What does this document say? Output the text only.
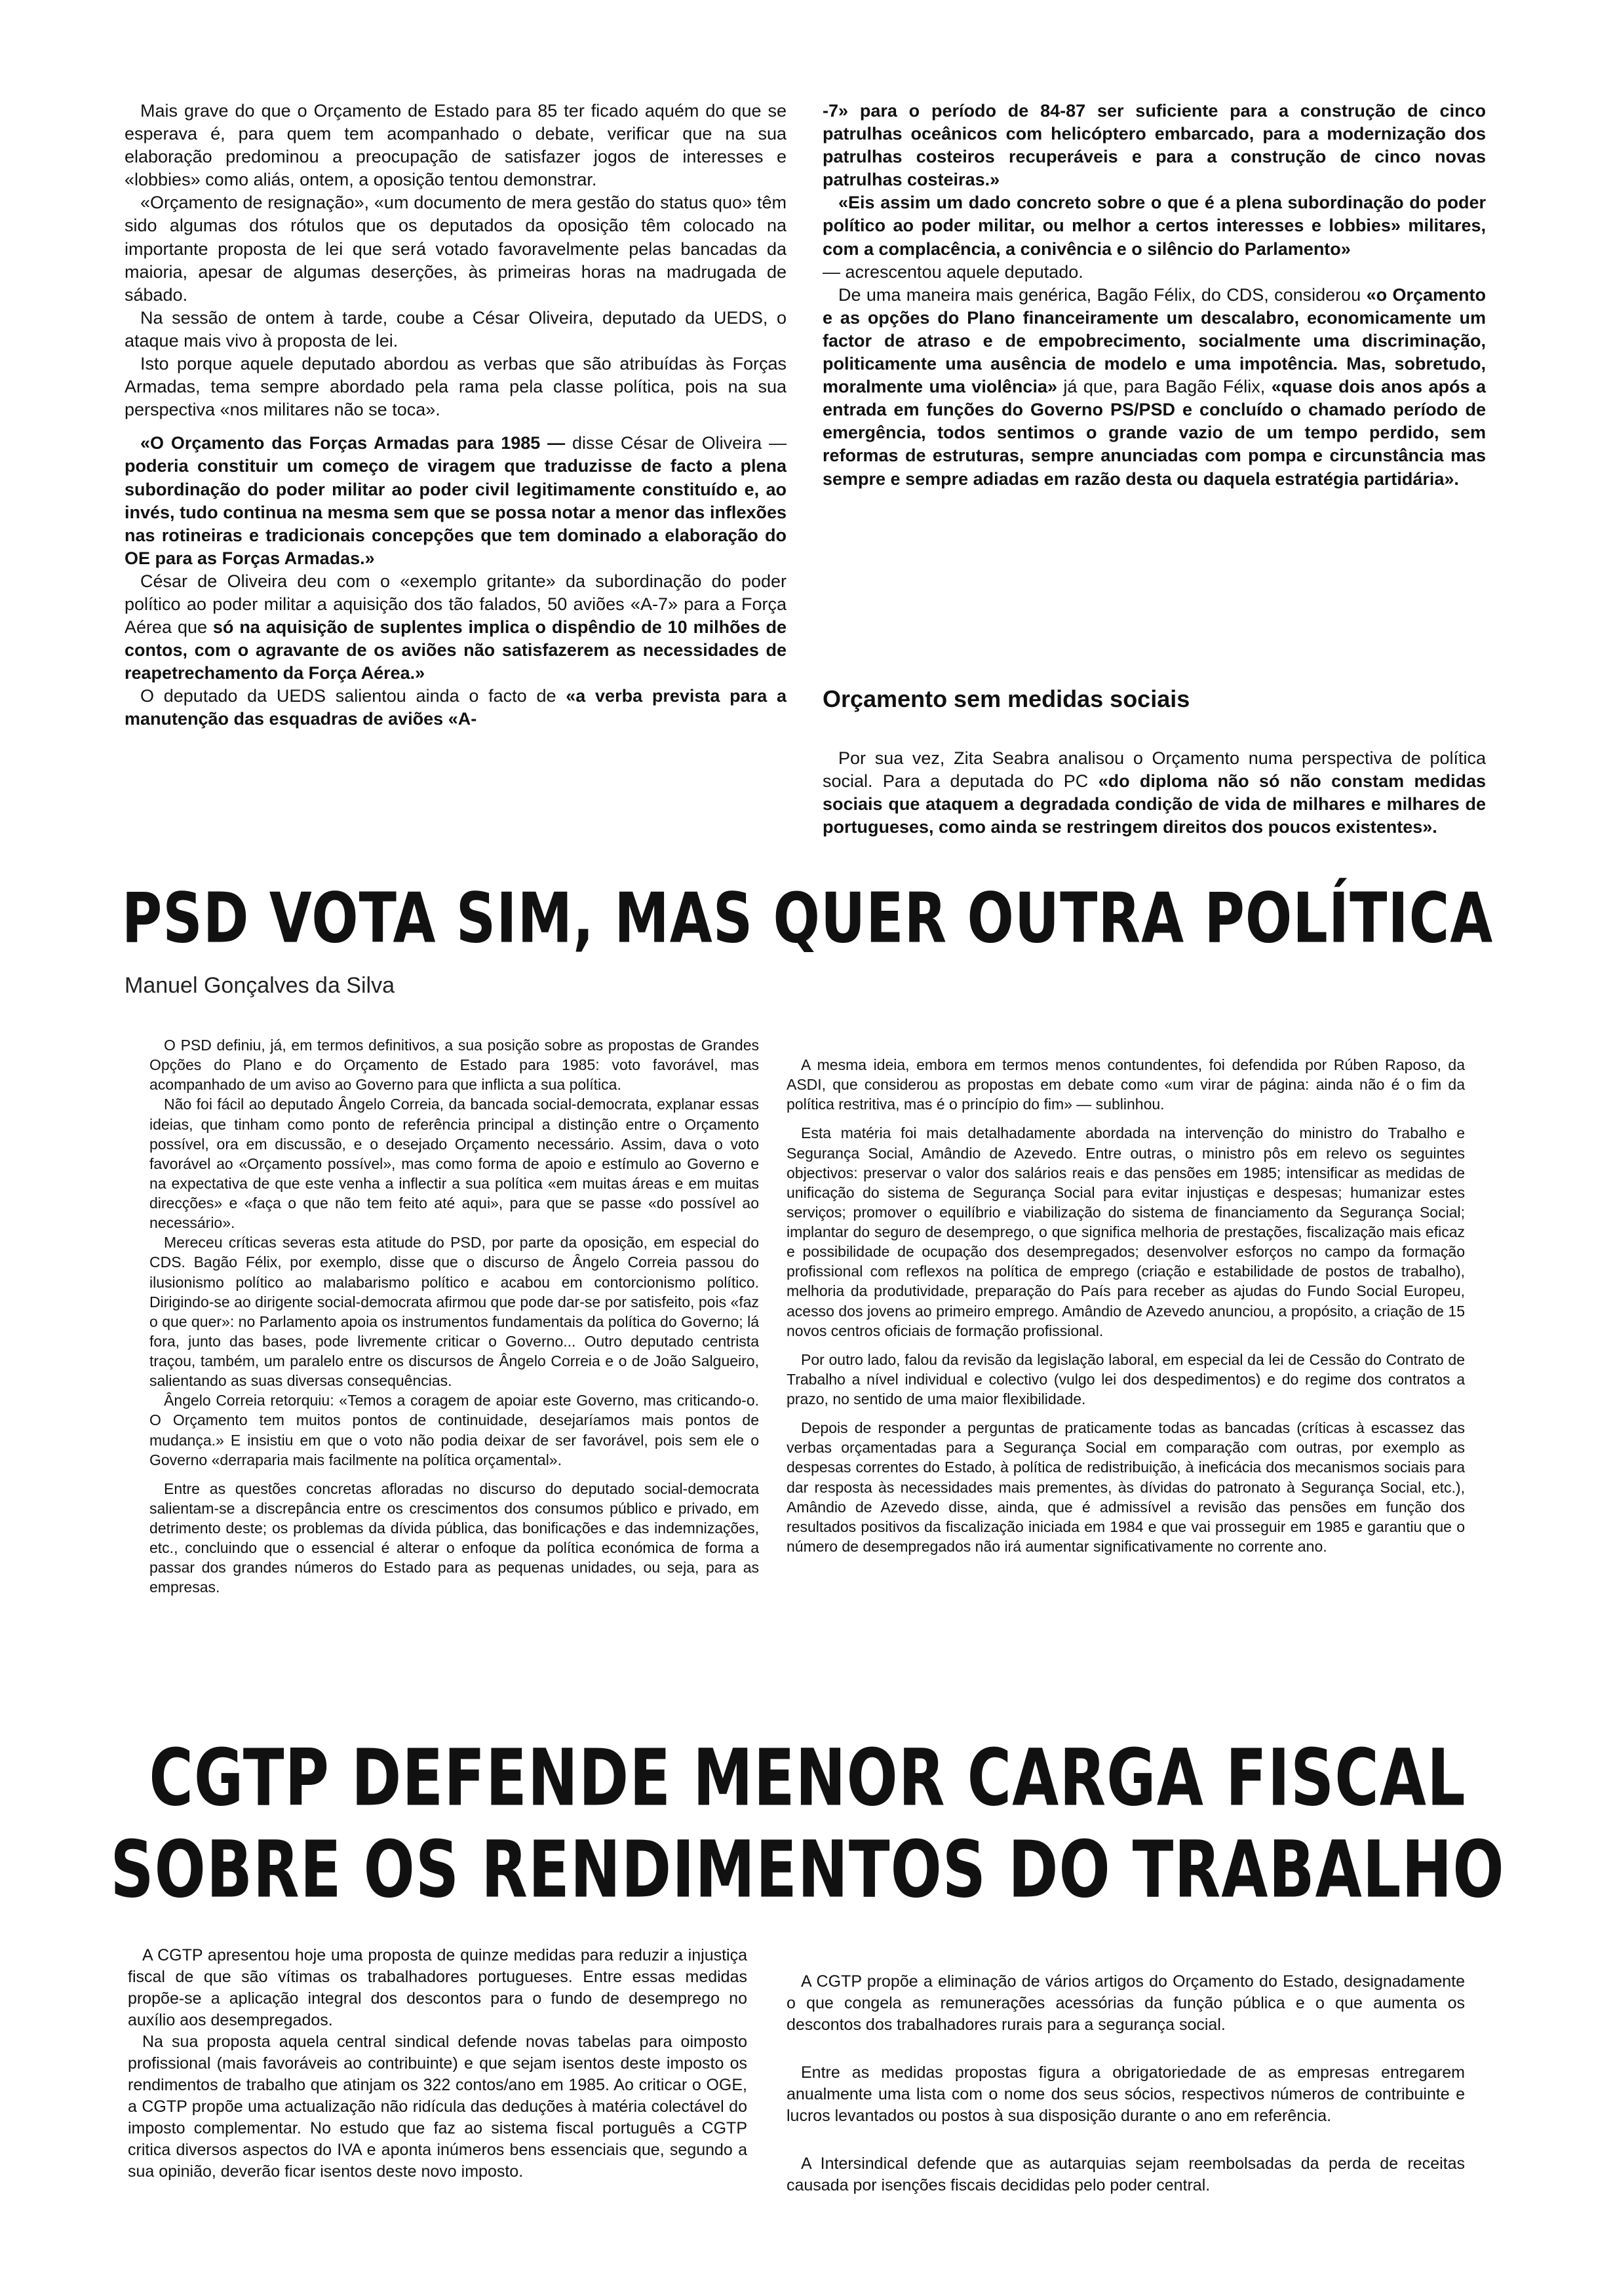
Mais grave do que o Orçamento de Estado para 85 ter ficado aquém do que se esperava é, para quem tem acompanhado o debate, verificar que na sua elaboração predominou a preocupação de satisfazer jogos de interesses e «lobbies» como aliás, ontem, a oposição tentou demonstrar.

«Orçamento de resignação», «um documento de mera gestão do status quo» têm sido algumas dos rótulos que os deputados da oposição têm colocado na importante proposta de lei que será votado favoravelmente pelas bancadas da maioria, apesar de algumas deserções, às primeiras horas na madrugada de sábado.

Na sessão de ontem à tarde, coube a César Oliveira, deputado da UEDS, o ataque mais vivo à proposta de lei.

Isto porque aquele deputado abordou as verbas que são atribuídas às Forças Armadas, tema sempre abordado pela rama pela classe política, pois na sua perspectiva «nos militares não se toca».

«O Orçamento das Forças Armadas para 1985 — disse César de Oliveira — poderia constituir um começo de viragem que traduzisse de facto a plena subordinação do poder militar ao poder civil legitimamente constituído e, ao invés, tudo continua na mesma sem que se possa notar a menor das inflexões nas rotineiras e tradicionais concepções que tem dominado a elaboração do OE para as Forças Armadas.»

César de Oliveira deu com o «exemplo gritante» da subordinação do poder político ao poder militar a aquisição dos tão falados, 50 aviões «A-7» para a Força Aérea que só na aquisição de suplentes implica o dispêndio de 10 milhões de contos, com o agravante de os aviões não satisfazerem as necessidades de reapetrechamento da Força Aérea.»

O deputado da UEDS salientou ainda o facto de «a verba prevista para a manutenção das esquadras de aviões «A-

-7» para o período de 84-87 ser suficiente para a construção de cinco patrulhas oceânicos com helicóptero embarcado, para a modernização dos patrulhas costeiros recuperáveis e para a construção de cinco novas patrulhas costeiras.»

«Eis assim um dado concreto sobre o que é a plena subordinação do poder político ao poder militar, ou melhor a certos interesses e lobbies» militares, com a complacência, a conivência e o silêncio do Parlamento»

— acrescentou aquele deputado.

De uma maneira mais genérica, Bagão Félix, do CDS, considerou «o Orçamento e as opções do Plano financeiramente um descalabro, economicamente um factor de atraso e de empobrecimento, socialmente uma discriminação, politicamente uma ausência de modelo e uma impotência. Mas, sobretudo, moralmente uma violência» já que, para Bagão Félix, «quase dois anos após a entrada em funções do Governo PS/PSD e concluído o chamado período de emergência, todos sentimos o grande vazio de um tempo perdido, sem reformas de estruturas, sempre anunciadas com pompa e circunstância mas sempre e sempre adiadas em razão desta ou daquela estratégia partidária».

Orçamento sem medidas sociais

Por sua vez, Zita Seabra analisou o Orçamento numa perspectiva de política social. Para a deputada do PC «do diploma não só não constam medidas sociais que ataquem a degradada condição de vida de milhares e milhares de portugueses, como ainda se restringem direitos dos poucos existentes».

PSD VOTA SIM, MAS QUER OUTRA POLÍTICA
Manuel Gonçalves da Silva

O PSD definiu, já, em termos definitivos, a sua posição sobre as propostas de Grandes Opções do Plano e do Orçamento de Estado para 1985: voto favorável, mas acompanhado de um aviso ao Governo para que inflicta a sua política.

Não foi fácil ao deputado Ângelo Correia, da bancada social-democrata, explanar essas ideias, que tinham como ponto de referência principal a distinção entre o Orçamento possível, ora em discussão, e o desejado Orçamento necessário. Assim, dava o voto favorável ao «Orçamento possível», mas como forma de apoio e estímulo ao Governo e na expectativa de que este venha a inflectir a sua política «em muitas áreas e em muitas direcções» e «faça o que não tem feito até aqui», para que se passe «do possível ao necessário».

Mereceu críticas severas esta atitude do PSD, por parte da oposição, em especial do CDS. Bagão Félix, por exemplo, disse que o discurso de Ângelo Correia passou do ilusionismo político ao malabarismo político e acabou em contorcionismo político. Dirigindo-se ao dirigente social-democrata afirmou que pode dar-se por satisfeito, pois «faz o que quer»: no Parlamento apoia os instrumentos fundamentais da política do Governo; lá fora, junto das bases, pode livremente criticar o Governo... Outro deputado centrista traçou, também, um paralelo entre os discursos de Ângelo Correia e o de João Salgueiro, salientando as suas diversas consequências.

Ângelo Correia retorquiu: «Temos a coragem de apoiar este Governo, mas criticando-o. O Orçamento tem muitos pontos de continuidade, desejaríamos mais pontos de mudança.» E insistiu em que o voto não podia deixar de ser favorável, pois sem ele o Governo «derraparia mais facilmente na política orçamental».

Entre as questões concretas afloradas no discurso do deputado social-democrata salientam-se a discrepância entre os crescimentos dos consumos público e privado, em detrimento deste; os problemas da dívida pública, das bonificações e das indemnizações, etc., concluindo que o essencial é alterar o enfoque da política económica de forma a passar dos grandes números do Estado para as pequenas unidades, ou seja, para as empresas.

A mesma ideia, embora em termos menos contundentes, foi defendida por Rúben Raposo, da ASDI, que considerou as propostas em debate como «um virar de página: ainda não é o fim da política restritiva, mas é o princípio do fim» — sublinhou.

Esta matéria foi mais detalhadamente abordada na intervenção do ministro do Trabalho e Segurança Social, Amândio de Azevedo. Entre outras, o ministro pôs em relevo os seguintes objectivos: preservar o valor dos salários reais e das pensões em 1985; intensificar as medidas de unificação do sistema de Segurança Social para evitar injustiças e despesas; humanizar estes serviços; promover o equilíbrio e viabilização do sistema de financiamento da Segurança Social; implantar do seguro de desemprego, o que significa melhoria de prestações, fiscalização mais eficaz e possibilidade de ocupação dos desempregados; desenvolver esforços no campo da formação profissional com reflexos na política de emprego (criação e estabilidade de postos de trabalho), melhoria da produtividade, preparação do País para receber as ajudas do Fundo Social Europeu, acesso dos jovens ao primeiro emprego. Amândio de Azevedo anunciou, a propósito, a criação de 15 novos centros oficiais de formação profissional.

Por outro lado, falou da revisão da legislação laboral, em especial da lei de Cessão do Contrato de Trabalho a nível individual e colectivo (vulgo lei dos despedimentos) e do regime dos contratos a prazo, no sentido de uma maior flexibilidade.

Depois de responder a perguntas de praticamente todas as bancadas (críticas à escassez das verbas orçamentadas para a Segurança Social em comparação com outras, por exemplo as despesas correntes do Estado, à política de redistribuição, à ineficácia dos mecanismos sociais para dar resposta às necessidades mais prementes, às dívidas do patronato à Segurança Social, etc.), Amândio de Azevedo disse, ainda, que é admissível a revisão das pensões em função dos resultados positivos da fiscalização iniciada em 1984 e que vai prosseguir em 1985 e garantiu que o número de desempregados não irá aumentar significativamente no corrente ano.

CGTP DEFENDE MENOR CARGA FISCAL
SOBRE OS RENDIMENTOS DO TRABALHO

A CGTP apresentou hoje uma proposta de quinze medidas para reduzir a injustiça fiscal de que são vítimas os trabalhadores portugueses. Entre essas medidas propõe-se a aplicação integral dos descontos para o fundo de desemprego no auxílio aos desempregados.

Na sua proposta aquela central sindical defende novas tabelas para oimposto profissional (mais favoráveis ao contribuinte) e que sejam isentos deste imposto os rendimentos de trabalho que atinjam os 322 contos/ano em 1985. Ao criticar o OGE, a CGTP propõe uma actualização não ridícula das deduções à matéria colectável do imposto complementar. No estudo que faz ao sistema fiscal português a CGTP critica diversos aspectos do IVA e aponta inúmeros bens essenciais que, segundo a sua opinião, deverão ficar isentos deste novo imposto.

A CGTP propõe a eliminação de vários artigos do Orçamento do Estado, designadamente o que congela as remunerações acessórias da função pública e o que aumenta os descontos dos trabalhadores rurais para a segurança social.

Entre as medidas propostas figura a obrigatoriedade de as empresas entregarem anualmente uma lista com o nome dos seus sócios, respectivos números de contribuinte e lucros levantados ou postos à sua disposição durante o ano em referência.

A Intersindical defende que as autarquias sejam reembolsadas da perda de receitas causada por isenções fiscais decididas pelo poder central.
